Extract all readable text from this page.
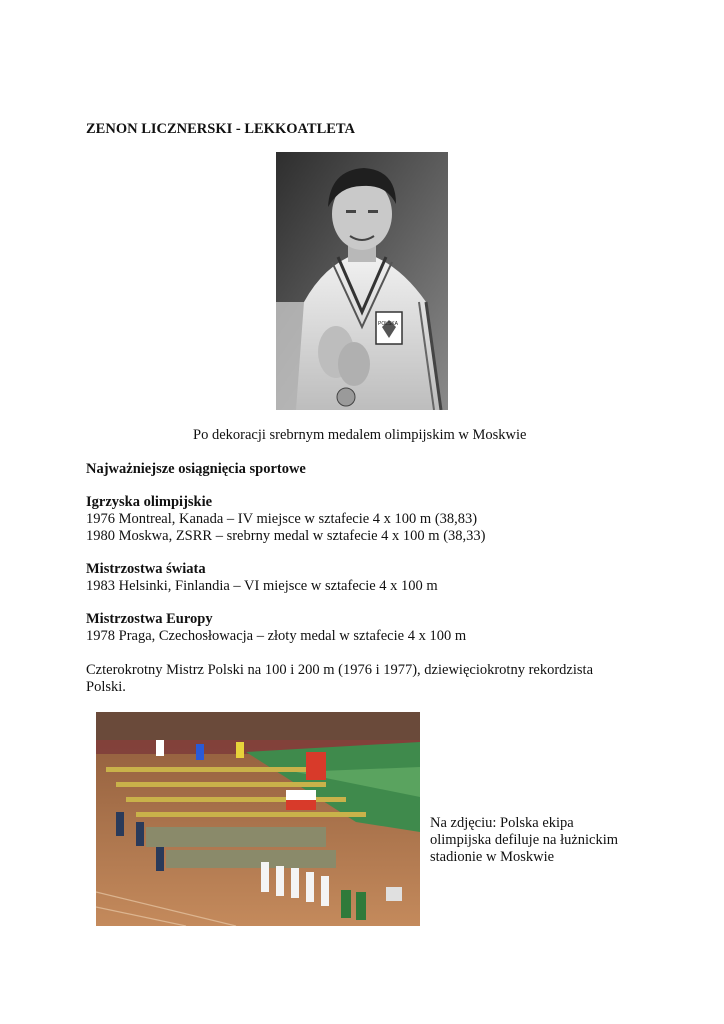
ZENON LICZNERSKI - LEKKOATLETA
POLSKA
Po dekoracji srebrnym medalem olimpijskim w Moskwie
Najważniejsze osiągnięcia sportowe
Igrzyska olimpijskie
1976 Montreal, Kanada – IV miejsce w sztafecie 4 x 100 m (38,83)
1980 Moskwa, ZSRR – srebrny medal w sztafecie 4 x 100 m (38,33)
Mistrzostwa świata
1983 Helsinki, Finlandia – VI miejsce w sztafecie 4 x 100 m
Mistrzostwa Europy
1978 Praga, Czechosłowacja – złoty medal w sztafecie 4 x 100 m
Czterokrotny Mistrz Polski na 100 i 200 m (1976 i 1977), dziewięciokrotny rekordzista
Polski.
Na zdjęciu: Polska ekipa
olimpijska defiluje na łużnickim
stadionie w Moskwie
